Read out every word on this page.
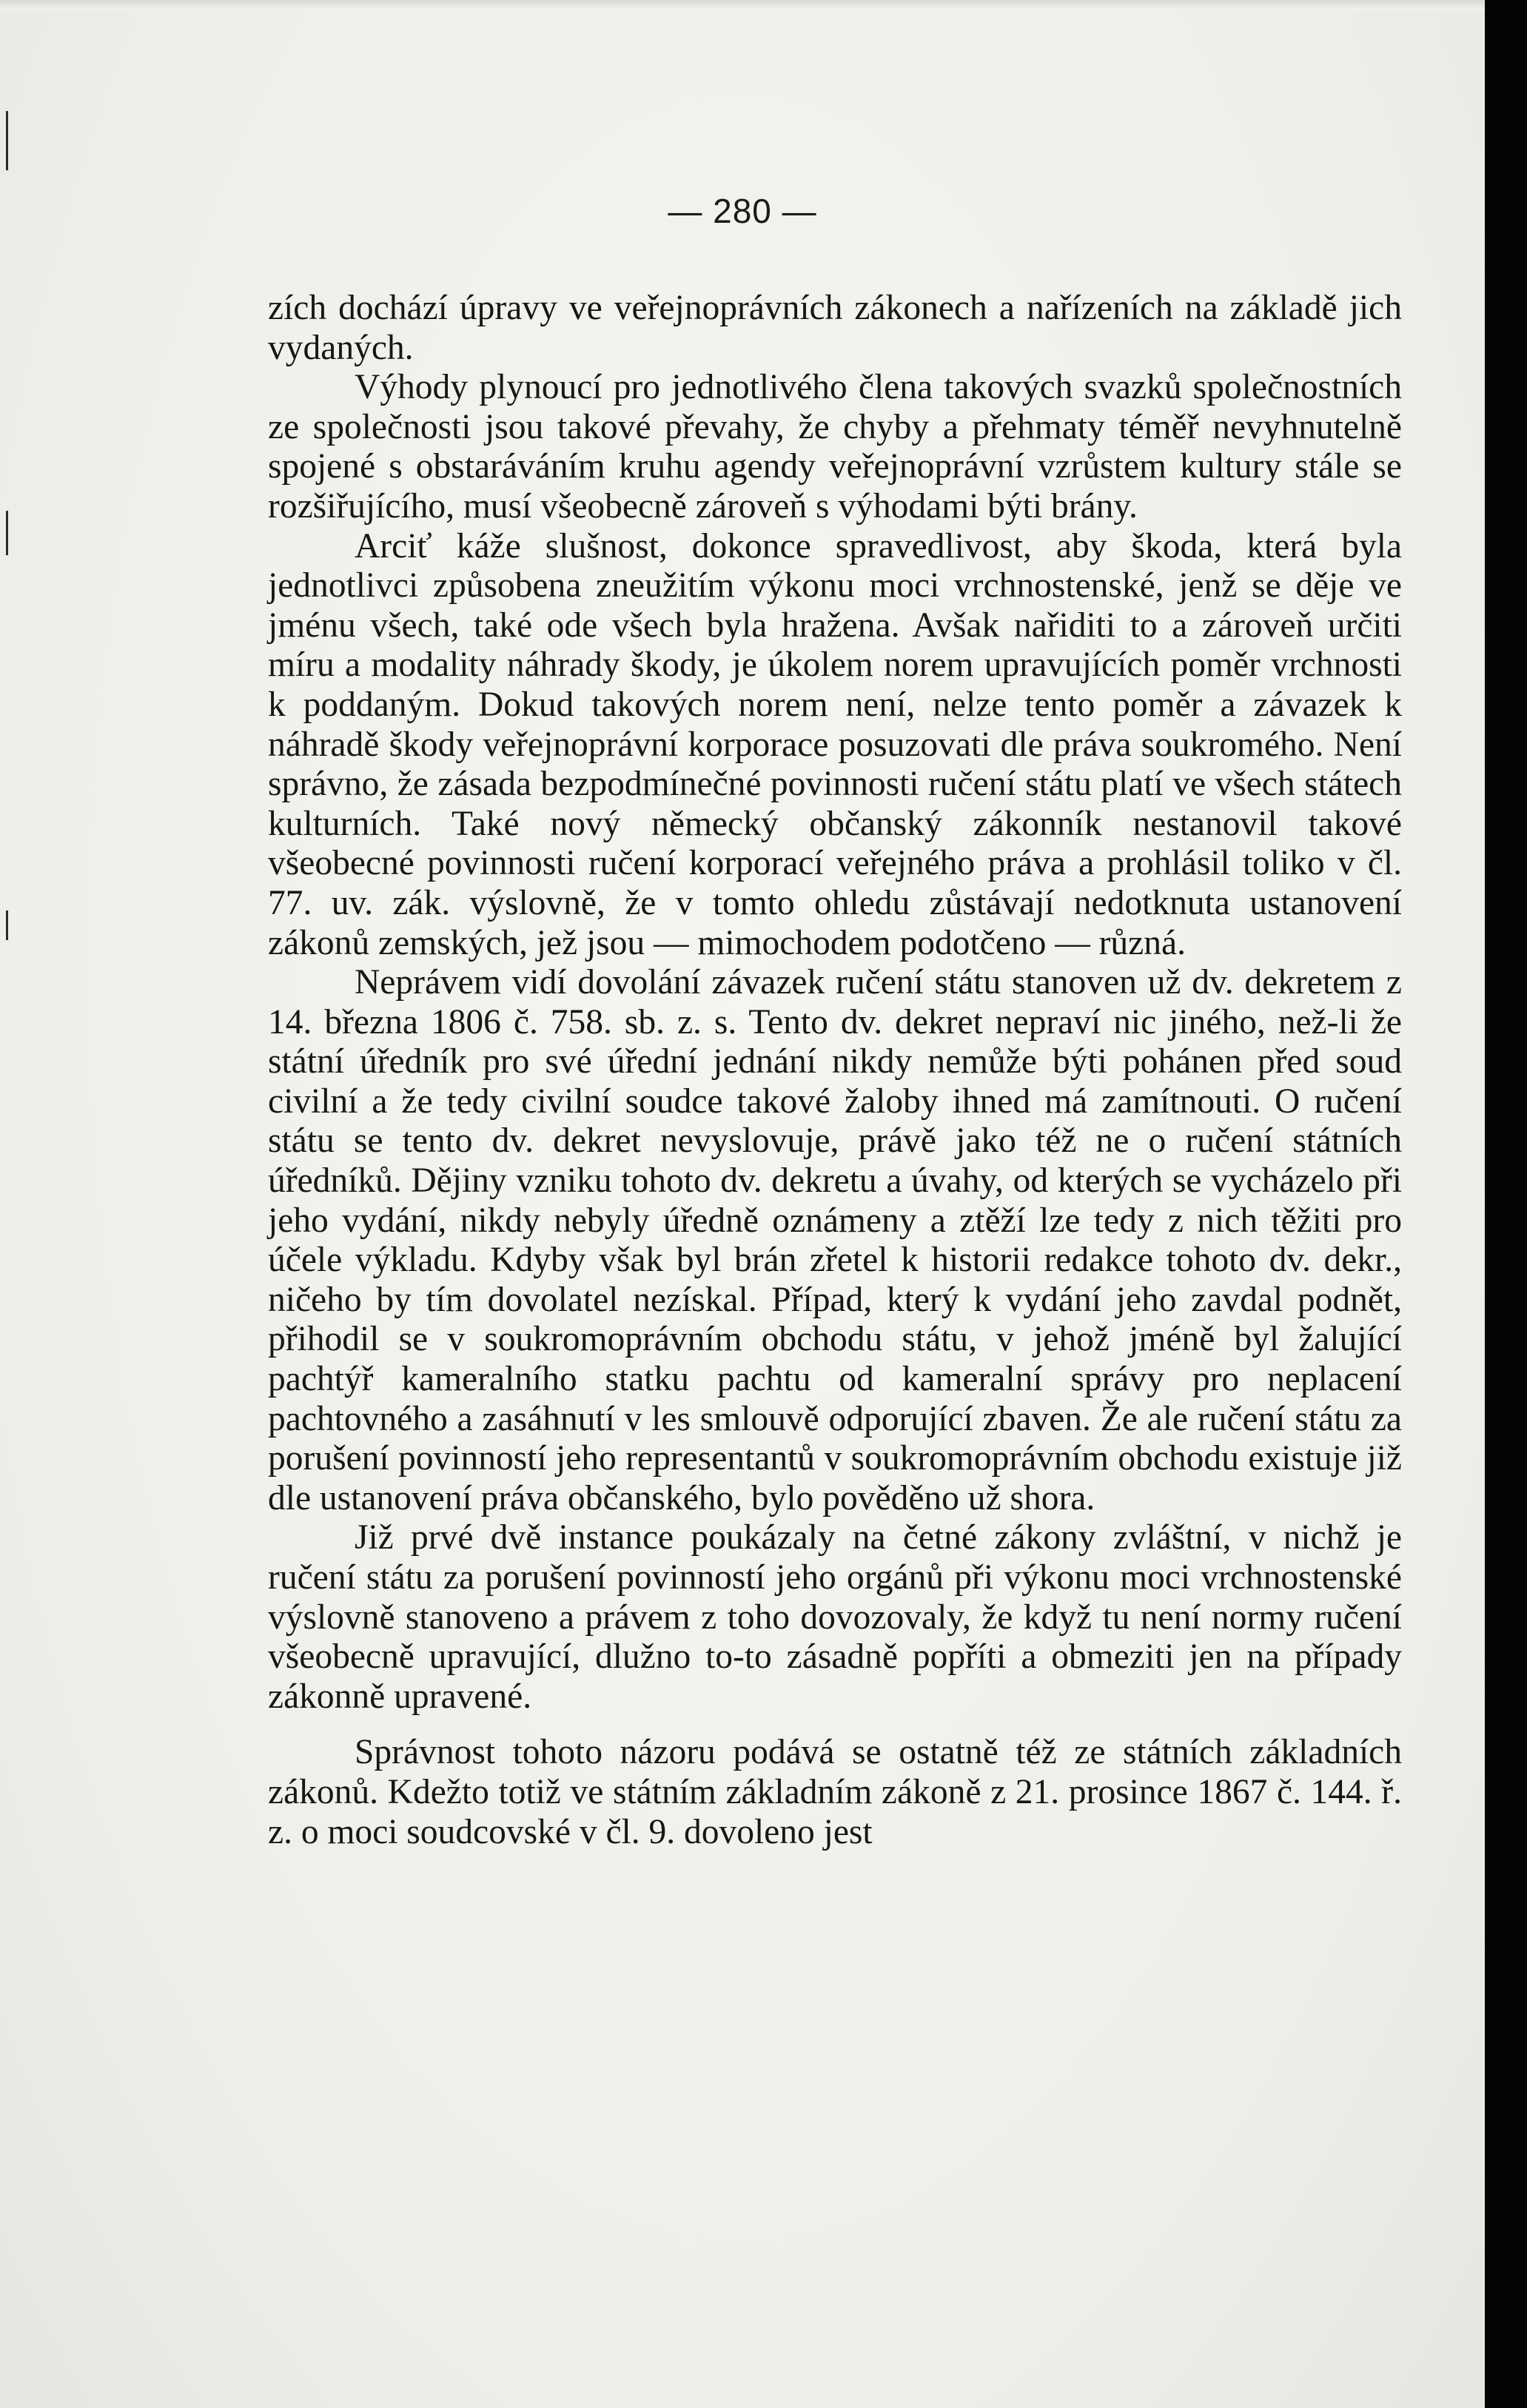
— 280 —

zích dochází úpravy ve veřejnoprávních zákonech a nařízeních na základě jich vydaných.

Výhody plynoucí pro jednotlivého člena takových svazků společnostních ze společnosti jsou takové převahy, že chyby a přehmaty téměř nevyhnutelně spojené s obstaráváním kruhu agendy veřejnoprávní vzrůstem kultury stále se rozšiřujícího, musí všeobecně zároveň s výhodami býti brány.

Arciť káže slušnost, dokonce spravedlivost, aby škoda, která byla jednotlivci způsobena zneužitím výkonu moci vrchnostenské, jenž se děje ve jménu všech, také ode všech byla hražena. Avšak nařiditi to a zároveň určiti míru a modality náhrady škody, je úkolem norem upravujících poměr vrchnosti k poddaným. Dokud takových norem není, nelze tento poměr a závazek k náhradě škody veřejnoprávní korporace posuzovati dle práva soukromého. Není správno, že zásada bezpodmínečné povinnosti ručení státu platí ve všech státech kulturních. Také nový německý občanský zákonník nestanovil takové všeobecné povinnosti ručení korporací veřejného práva a prohlásil toliko v čl. 77. uv. zák. výslovně, že v tomto ohledu zůstávají nedotknuta ustanovení zákonů zemských, jež jsou — mimochodem podotčeno — různá.

Neprávem vidí dovolání závazek ručení státu stanoven už dv. dekretem z 14. března 1806 č. 758. sb. z. s. Tento dv. dekret nepraví nic jiného, než-li že státní úředník pro své úřední jednání nikdy nemůže býti pohánen před soud civilní a že tedy civilní soudce takové žaloby ihned má zamítnouti. O ručení státu se tento dv. dekret nevyslovuje, právě jako též ne o ručení státních úředníků. Dějiny vzniku tohoto dv. dekretu a úvahy, od kterých se vycházelo při jeho vydání, nikdy nebyly úředně oznámeny a ztěží lze tedy z nich těžiti pro účele výkladu. Kdyby však byl brán zřetel k historii redakce tohoto dv. dekr., ničeho by tím dovolatel nezískal. Případ, který k vydání jeho zavdal podnět, přihodil se v soukromoprávním obchodu státu, v jehož jméně byl žalující pachtýř kameralního statku pachtu od kameralní správy pro neplacení pachtovného a zasáhnutí v les smlouvě odporující zbaven. Že ale ručení státu za porušení povinností jeho representantů v soukromoprávním obchodu existuje již dle ustanovení práva občanského, bylo pověděno už shora.

Již prvé dvě instance poukázaly na četné zákony zvláštní, v nichž je ručení státu za porušení povinností jeho orgánů při výkonu moci vrchnostenské výslovně stanoveno a právem z toho dovozovaly, že když tu není normy ručení všeobecně upravující, dlužno to-to zásadně popříti a obmeziti jen na případy zákonně upravené.

Správnost tohoto názoru podává se ostatně též ze státních základních zákonů. Kdežto totiž ve státním základním zákoně z 21. prosince 1867 č. 144. ř. z. o moci soudcovské v čl. 9. dovoleno jest
